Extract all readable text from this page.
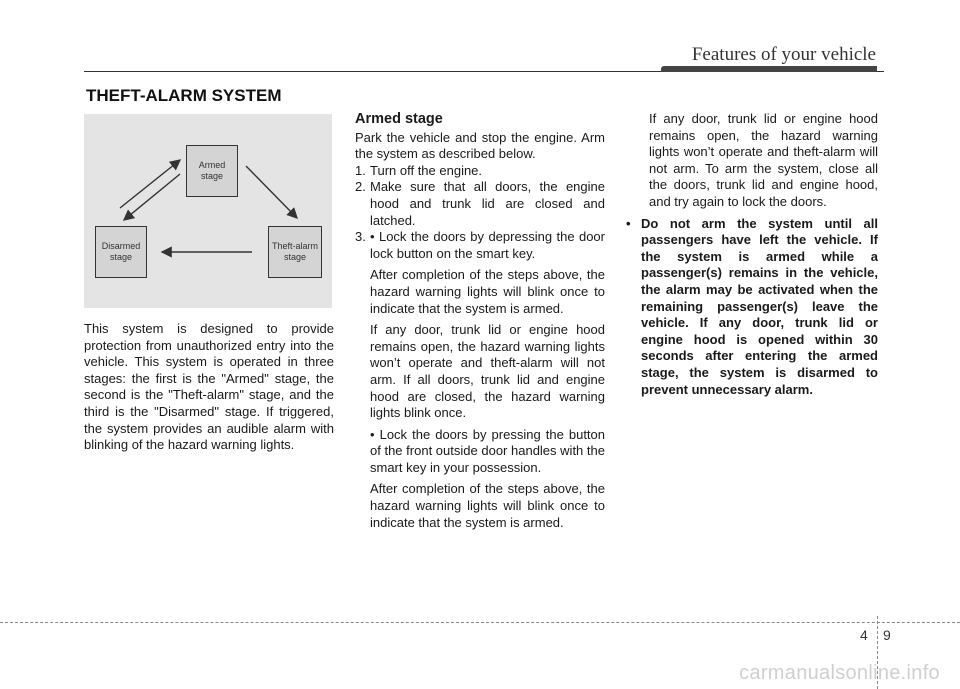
Features of your vehicle
THEFT-ALARM SYSTEM
Armed
stage
Disarmed
stage
Theft-alarm
stage

This system is designed to provide protection from unauthorized entry into the vehicle. This system is operated in three stages: the first is the "Armed" stage, the second is the "Theft-alarm" stage, and the third is the "Disarmed" stage. If triggered, the system provides an audible alarm with blinking of the hazard warning lights.

Armed stage

Park the vehicle and stop the engine. Arm the system as described below.

1. Turn off the engine.
2. Make sure that all doors, the engine hood and trunk lid are closed and latched.
3. • Lock the doors by depressing the door lock button on the smart key.

After completion of the steps above, the hazard warning lights will blink once to indicate that the system is armed.

If any door, trunk lid or engine hood remains open, the hazard warning lights won’t operate and theft-alarm will not arm. If all doors, trunk lid and engine hood are closed, the hazard warning lights blink once.

• Lock the doors by pressing the button of the front outside door handles with the smart key in your possession.

After completion of the steps above, the hazard warning lights will blink once to indicate that the system is armed.

If any door, trunk lid or engine hood remains open, the hazard warning lights won’t operate and theft-alarm will not arm. To arm the system, close all the doors, trunk lid and engine hood, and try again to lock the doors.

• Do not arm the system until all passengers have left the vehicle. If the system is armed while a passenger(s) remains in the vehicle, the alarm may be activated when the remaining passenger(s) leave the vehicle. If any door, trunk lid or engine hood is opened within 30 seconds after entering the armed stage, the system is disarmed to prevent unnecessary alarm.
4 9
carmanualsonline.info
